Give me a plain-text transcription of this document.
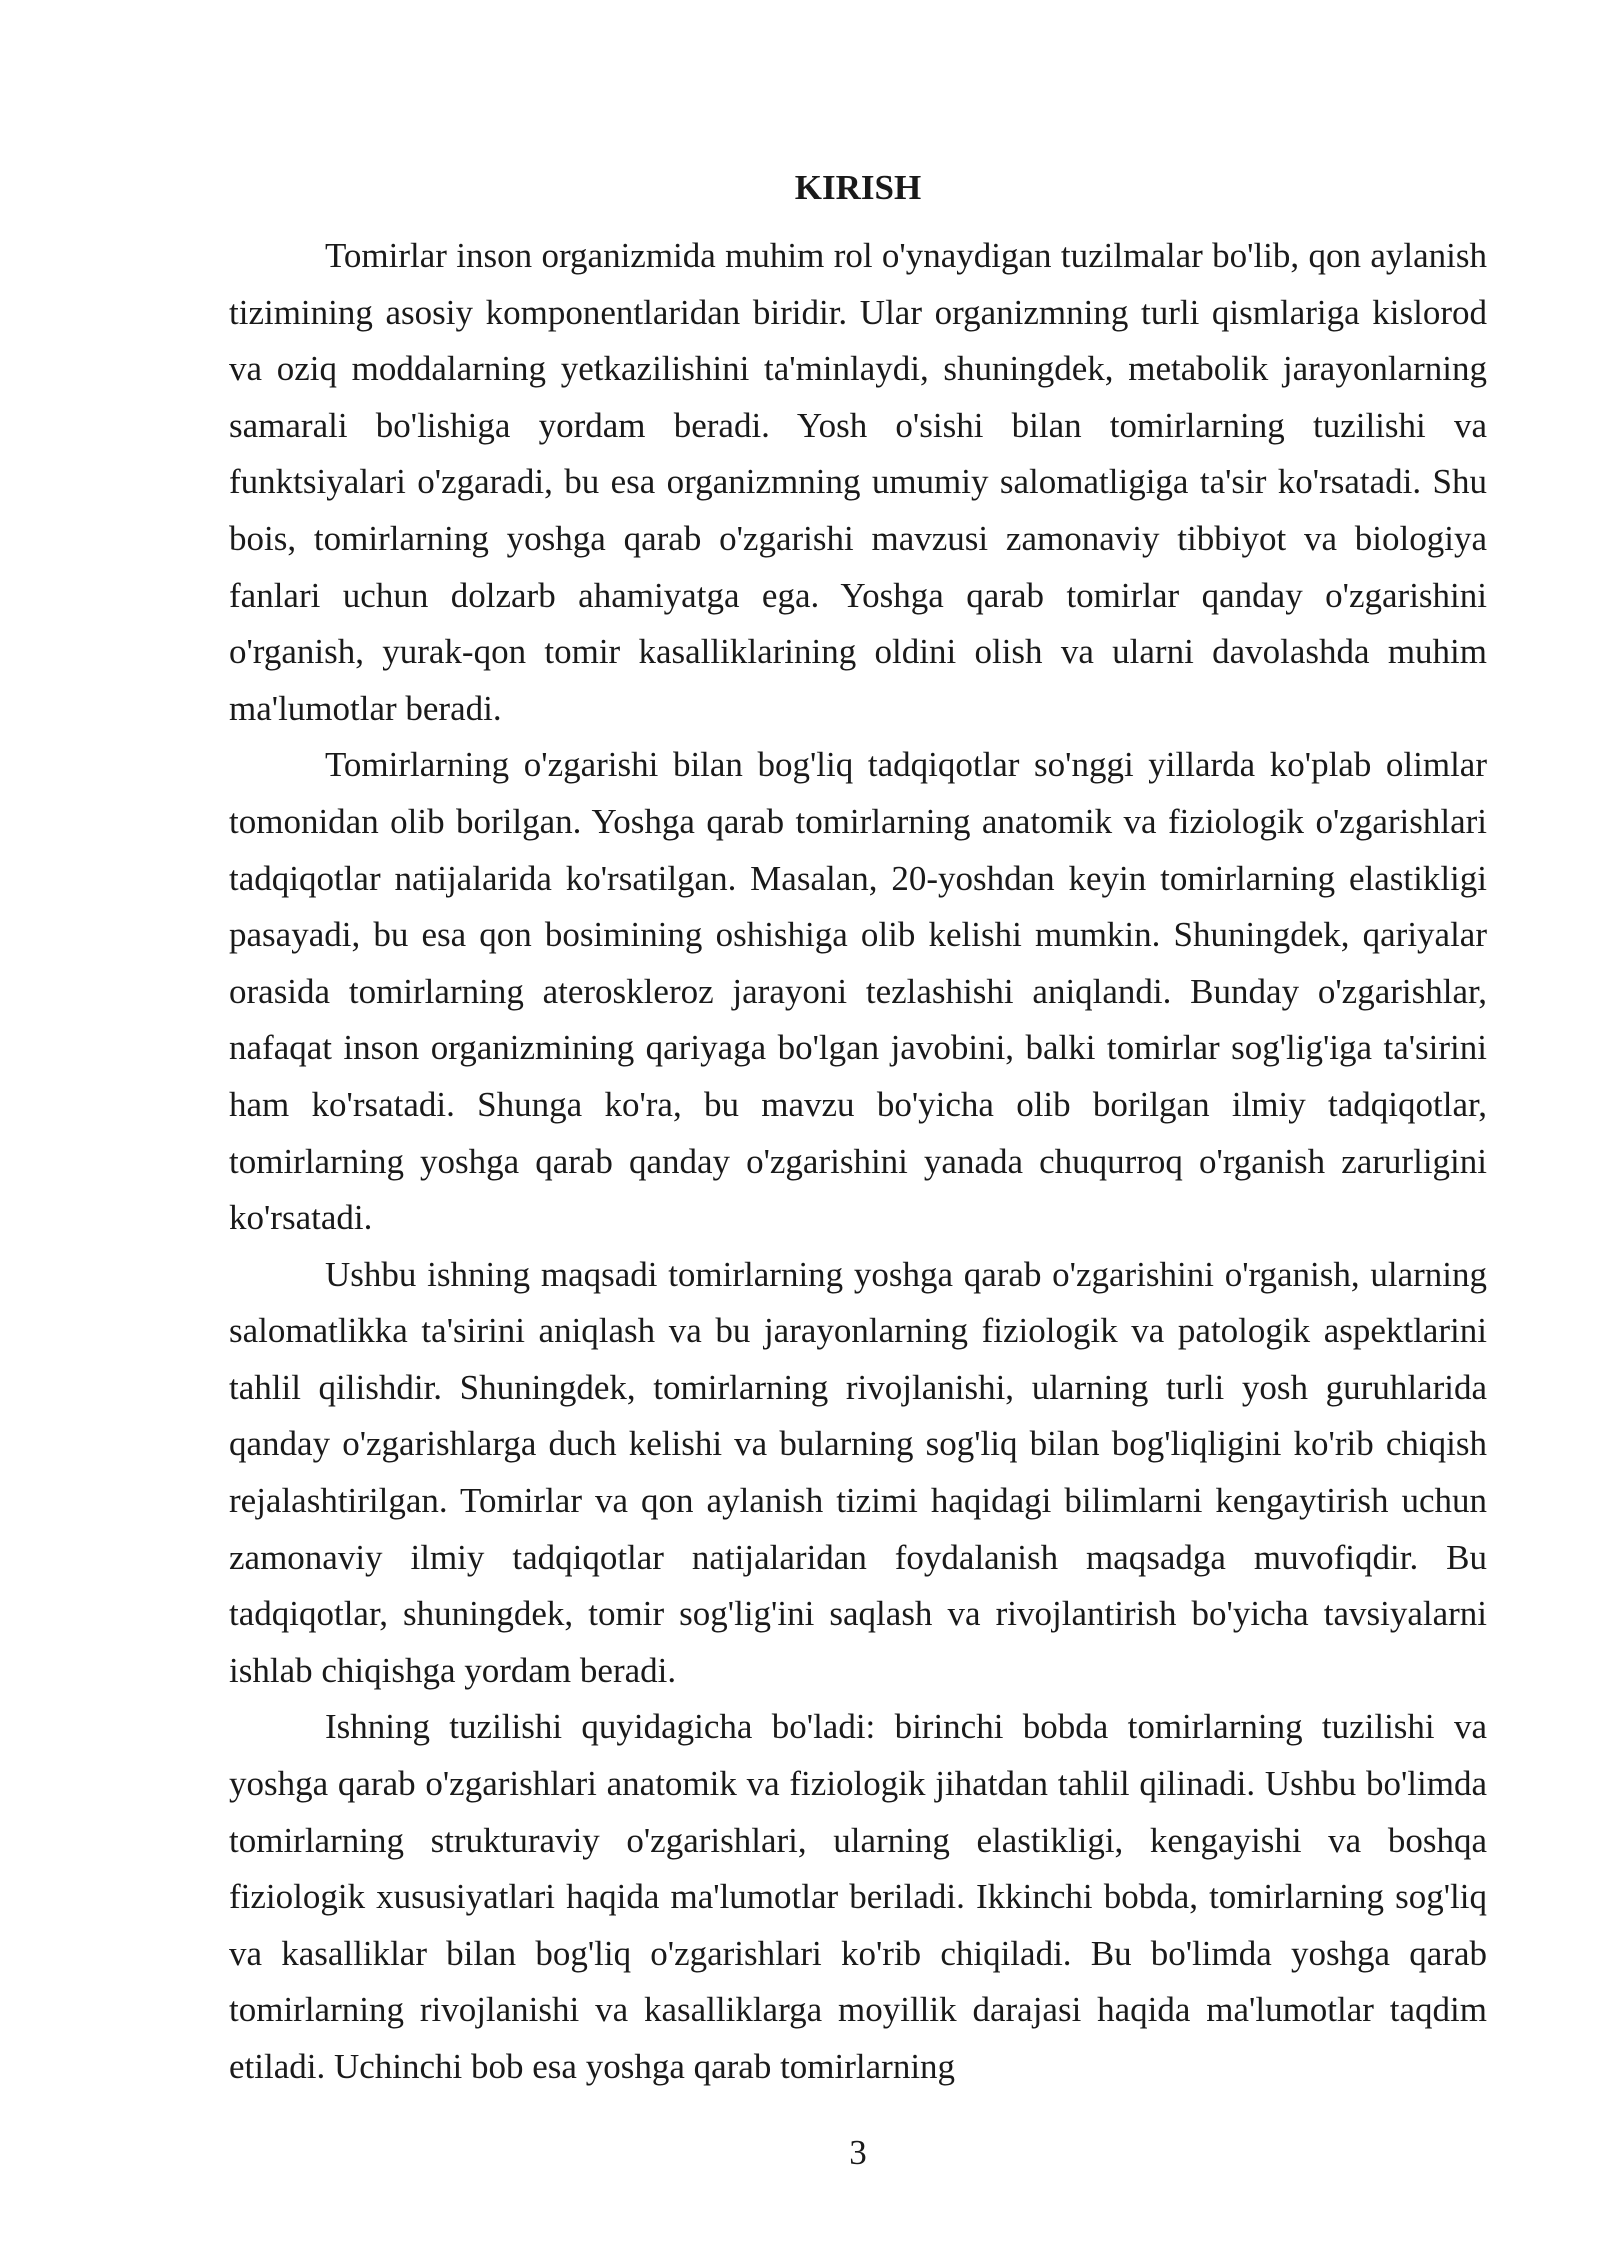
KIRISH

Tomirlar inson organizmida muhim rol o'ynaydigan tuzilmalar bo'lib, qon aylanish tizimining asosiy komponentlaridan biridir. Ular organizmning turli qismlariga kislorod va oziq moddalarning yetkazilishini ta'minlaydi, shuningdek, metabolik jarayonlarning samarali bo'lishiga yordam beradi. Yosh o'sishi bilan tomirlarning tuzilishi va funktsiyalari o'zgaradi, bu esa organizmning umumiy salomatligiga ta'sir ko'rsatadi. Shu bois, tomirlarning yoshga qarab o'zgarishi mavzusi zamonaviy tibbiyot va biologiya fanlari uchun dolzarb ahamiyatga ega. Yoshga qarab tomirlar qanday o'zgarishini o'rganish, yurak-qon tomir kasalliklarining oldini olish va ularni davolashda muhim ma'lumotlar beradi.

Tomirlarning o'zgarishi bilan bog'liq tadqiqotlar so'nggi yillarda ko'plab olimlar tomonidan olib borilgan. Yoshga qarab tomirlarning anatomik va fiziologik o'zgarishlari tadqiqotlar natijalarida ko'rsatilgan. Masalan, 20-yoshdan keyin tomirlarning elastikligi pasayadi, bu esa qon bosimining oshishiga olib kelishi mumkin. Shuningdek, qariyalar orasida tomirlarning ateroskleroz jarayoni tezlashishi aniqlandi. Bunday o'zgarishlar, nafaqat inson organizmining qariyaga bo'lgan javobini, balki tomirlar sog'lig'iga ta'sirini ham ko'rsatadi. Shunga ko'ra, bu mavzu bo'yicha olib borilgan ilmiy tadqiqotlar, tomirlarning yoshga qarab qanday o'zgarishini yanada chuqurroq o'rganish zarurligini ko'rsatadi.

Ushbu ishning maqsadi tomirlarning yoshga qarab o'zgarishini o'rganish, ularning salomatlikka ta'sirini aniqlash va bu jarayonlarning fiziologik va patologik aspektlarini tahlil qilishdir. Shuningdek, tomirlarning rivojlanishi, ularning turli yosh guruhlarida qanday o'zgarishlarga duch kelishi va bularning sog'liq bilan bog'liqligini ko'rib chiqish rejalashtirilgan. Tomirlar va qon aylanish tizimi haqidagi bilimlarni kengaytirish uchun zamonaviy ilmiy tadqiqotlar natijalaridan foydalanish maqsadga muvofiqdir. Bu tadqiqotlar, shuningdek, tomir sog'lig'ini saqlash va rivojlantirish bo'yicha tavsiyalarni ishlab chiqishga yordam beradi.

Ishning tuzilishi quyidagicha bo'ladi: birinchi bobda tomirlarning tuzilishi va yoshga qarab o'zgarishlari anatomik va fiziologik jihatdan tahlil qilinadi. Ushbu bo'limda tomirlarning strukturaviy o'zgarishlari, ularning elastikligi, kengayishi va boshqa fiziologik xususiyatlari haqida ma'lumotlar beriladi. Ikkinchi bobda, tomirlarning sog'liq va kasalliklar bilan bog'liq o'zgarishlari ko'rib chiqiladi. Bu bo'limda yoshga qarab tomirlarning rivojlanishi va kasalliklarga moyillik darajasi haqida ma'lumotlar taqdim etiladi. Uchinchi bob esa yoshga qarab tomirlarning

3
